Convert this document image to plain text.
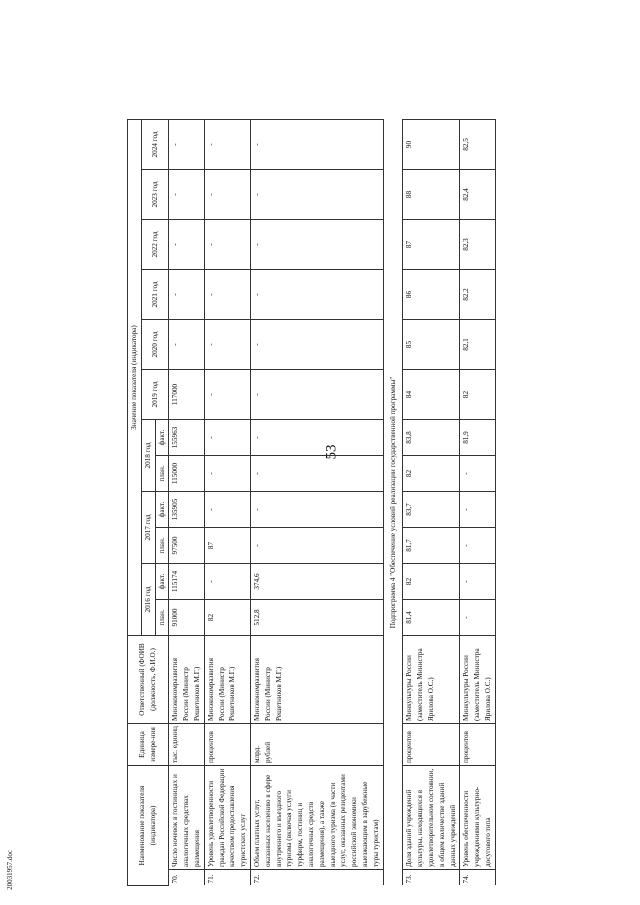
53
20031957.doc
Наименование показателя (индикатора)		Единица измере-ния	Ответственный (ФОИВ (должность, Ф.И.О.)	Значение показателя (индикатора)												
				2016 год		2017 год		2018 год		2019 год	2020 год	2021 год	2022 год	2023 год	2024 год	
				план.	факт.	план.	факт.	план.	факт.							
70.	Число ночевок в гостиницах и аналогичных средствах размещения	тыс. единиц	Минэкономразвития России (Министр Решетников М.Г.)	91000	115174	97500	135905	115000	155963	117000	-	-	-	-	-	
71.	Уровень удовлетворенности граждан Российской Федерации качеством предоставления туристских услуг	процентов	Минэкономразвития России (Министр Решетников М.Г.)	82	-	87	-	-	-	-	-	-	-	-	-	
72.	Объем платных услуг, оказанных населению в сфере внутреннего и въездного туризма (включая услуги турфирм, гостиниц и аналогичных средств размещения), а также выездного туризма (в части услуг, оказанных резидентами российской экономики выезжающим в зарубежные туры туристам)	млрд. рублей	Минэкономразвития России (Министр Решетников М.Г.)	512,8	374,6	-	-	-	-	-	-	-	-	-	-	
Подпрограмма 4 "Обеспечение условий реализации государственной программы"																
73.	Доля зданий учреждений культуры, находящихся в удовлетворительном состоянии, в общем количестве зданий данных учреждений	процентов	Минкультуры России (заместитель Министра Ярилова О.С.)	81,4	82	81,7	83,7	82	83,8	84	85	86	87	88	90	
74.	Уровень обеспеченности учреждениями культурно-досугового типа	процентов	Минкультуры России (заместитель Министра Ярилова О.С.)	-	-	-	-	-	81,9	82	82,1	82,2	82,3	82,4	82,5	
